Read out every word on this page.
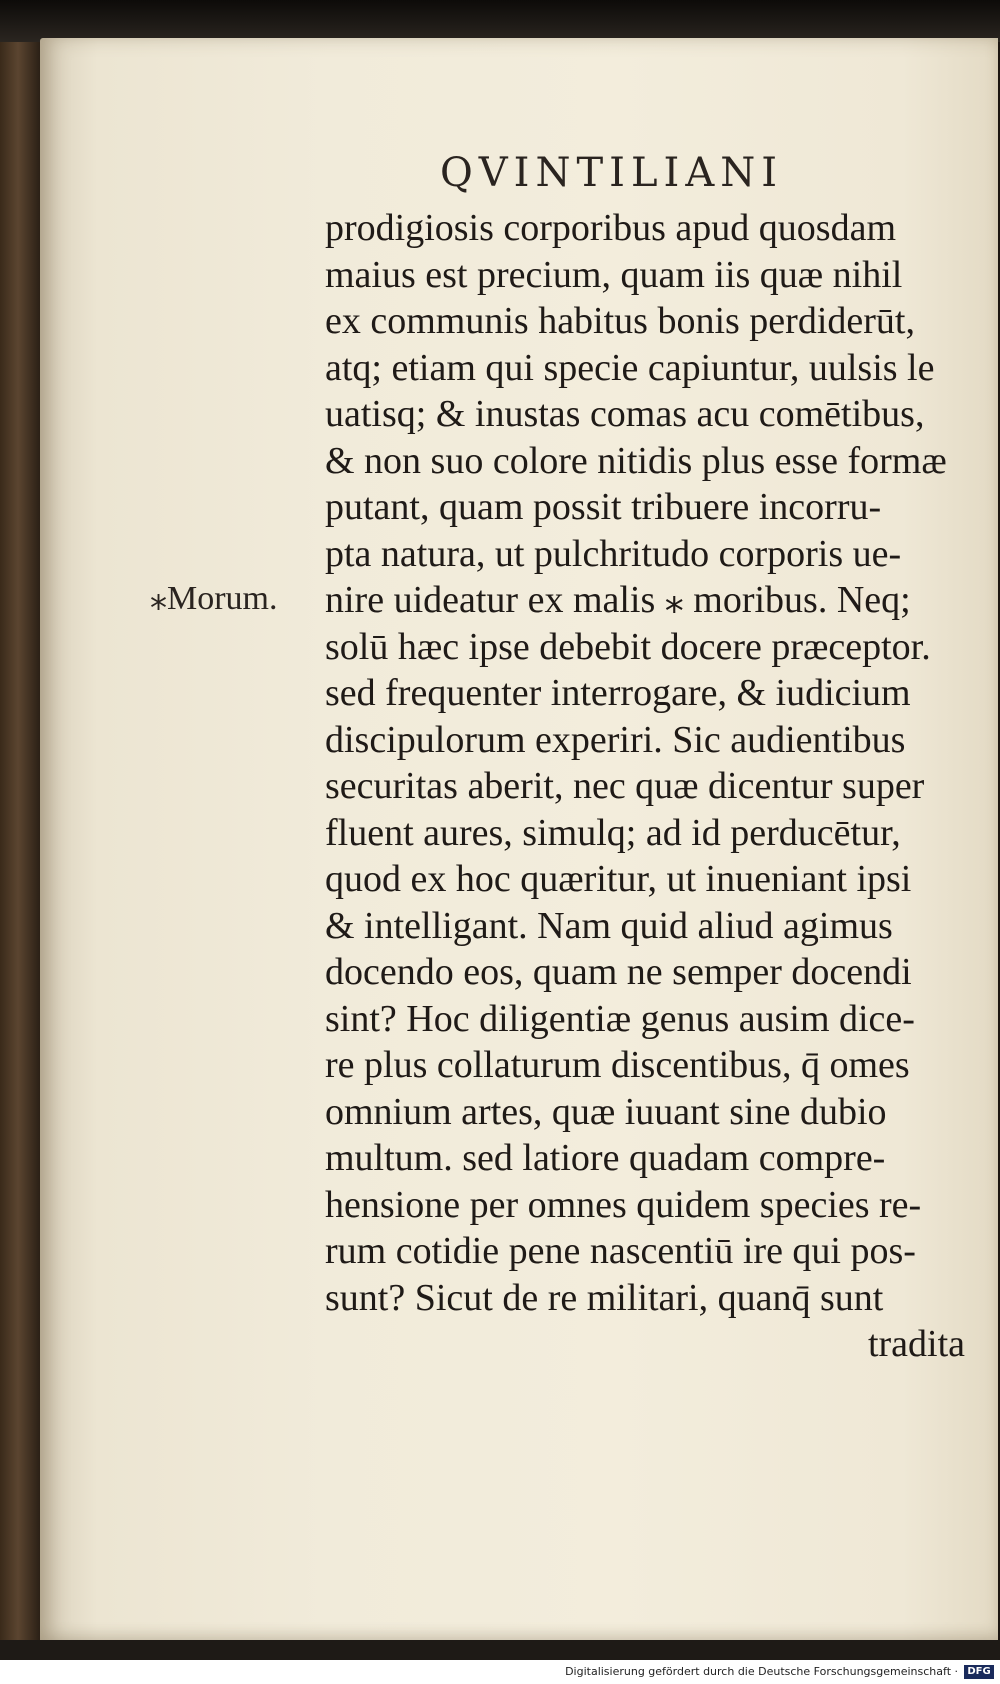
QVINTILIANI
⁎Morum.
prodigiosis corporibus apud quosdam
maius est precium, quam iis quæ nihil
ex communis habitus bonis perdiderūt,
atq; etiam qui specie capiuntur, uulsis le
uatisq; & inustas comas acu comētibus,
& non suo colore nitidis plus esse formæ
putant, quam possit tribuere incorru-
pta natura, ut pulchritudo corporis ue-
nire uideatur ex malis ⁎ moribus. Neq;
solū hæc ipse debebit docere præceptor.
sed frequenter interrogare, & iudicium
discipulorum experiri. Sic audientibus
securitas aberit, nec quæ dicentur super
fluent aures, simulq; ad id perducētur,
quod ex hoc quæritur, ut inueniant ipsi
& intelligant. Nam quid aliud agimus
docendo eos, quam ne semper docendi
sint? Hoc diligentiæ genus ausim dice-
re plus collaturum discentibus, q̄ omes
omnium artes, quæ iuuant sine dubio
multum. sed latiore quadam compre-
hensione per omnes quidem species re-
rum cotidie pene nascentiū ire qui pos-
sunt? Sicut de re militari, quanq̄ sunt
tradita
Digitalisierung gefördert durch die Deutsche Forschungsgemeinschaft · DFG
